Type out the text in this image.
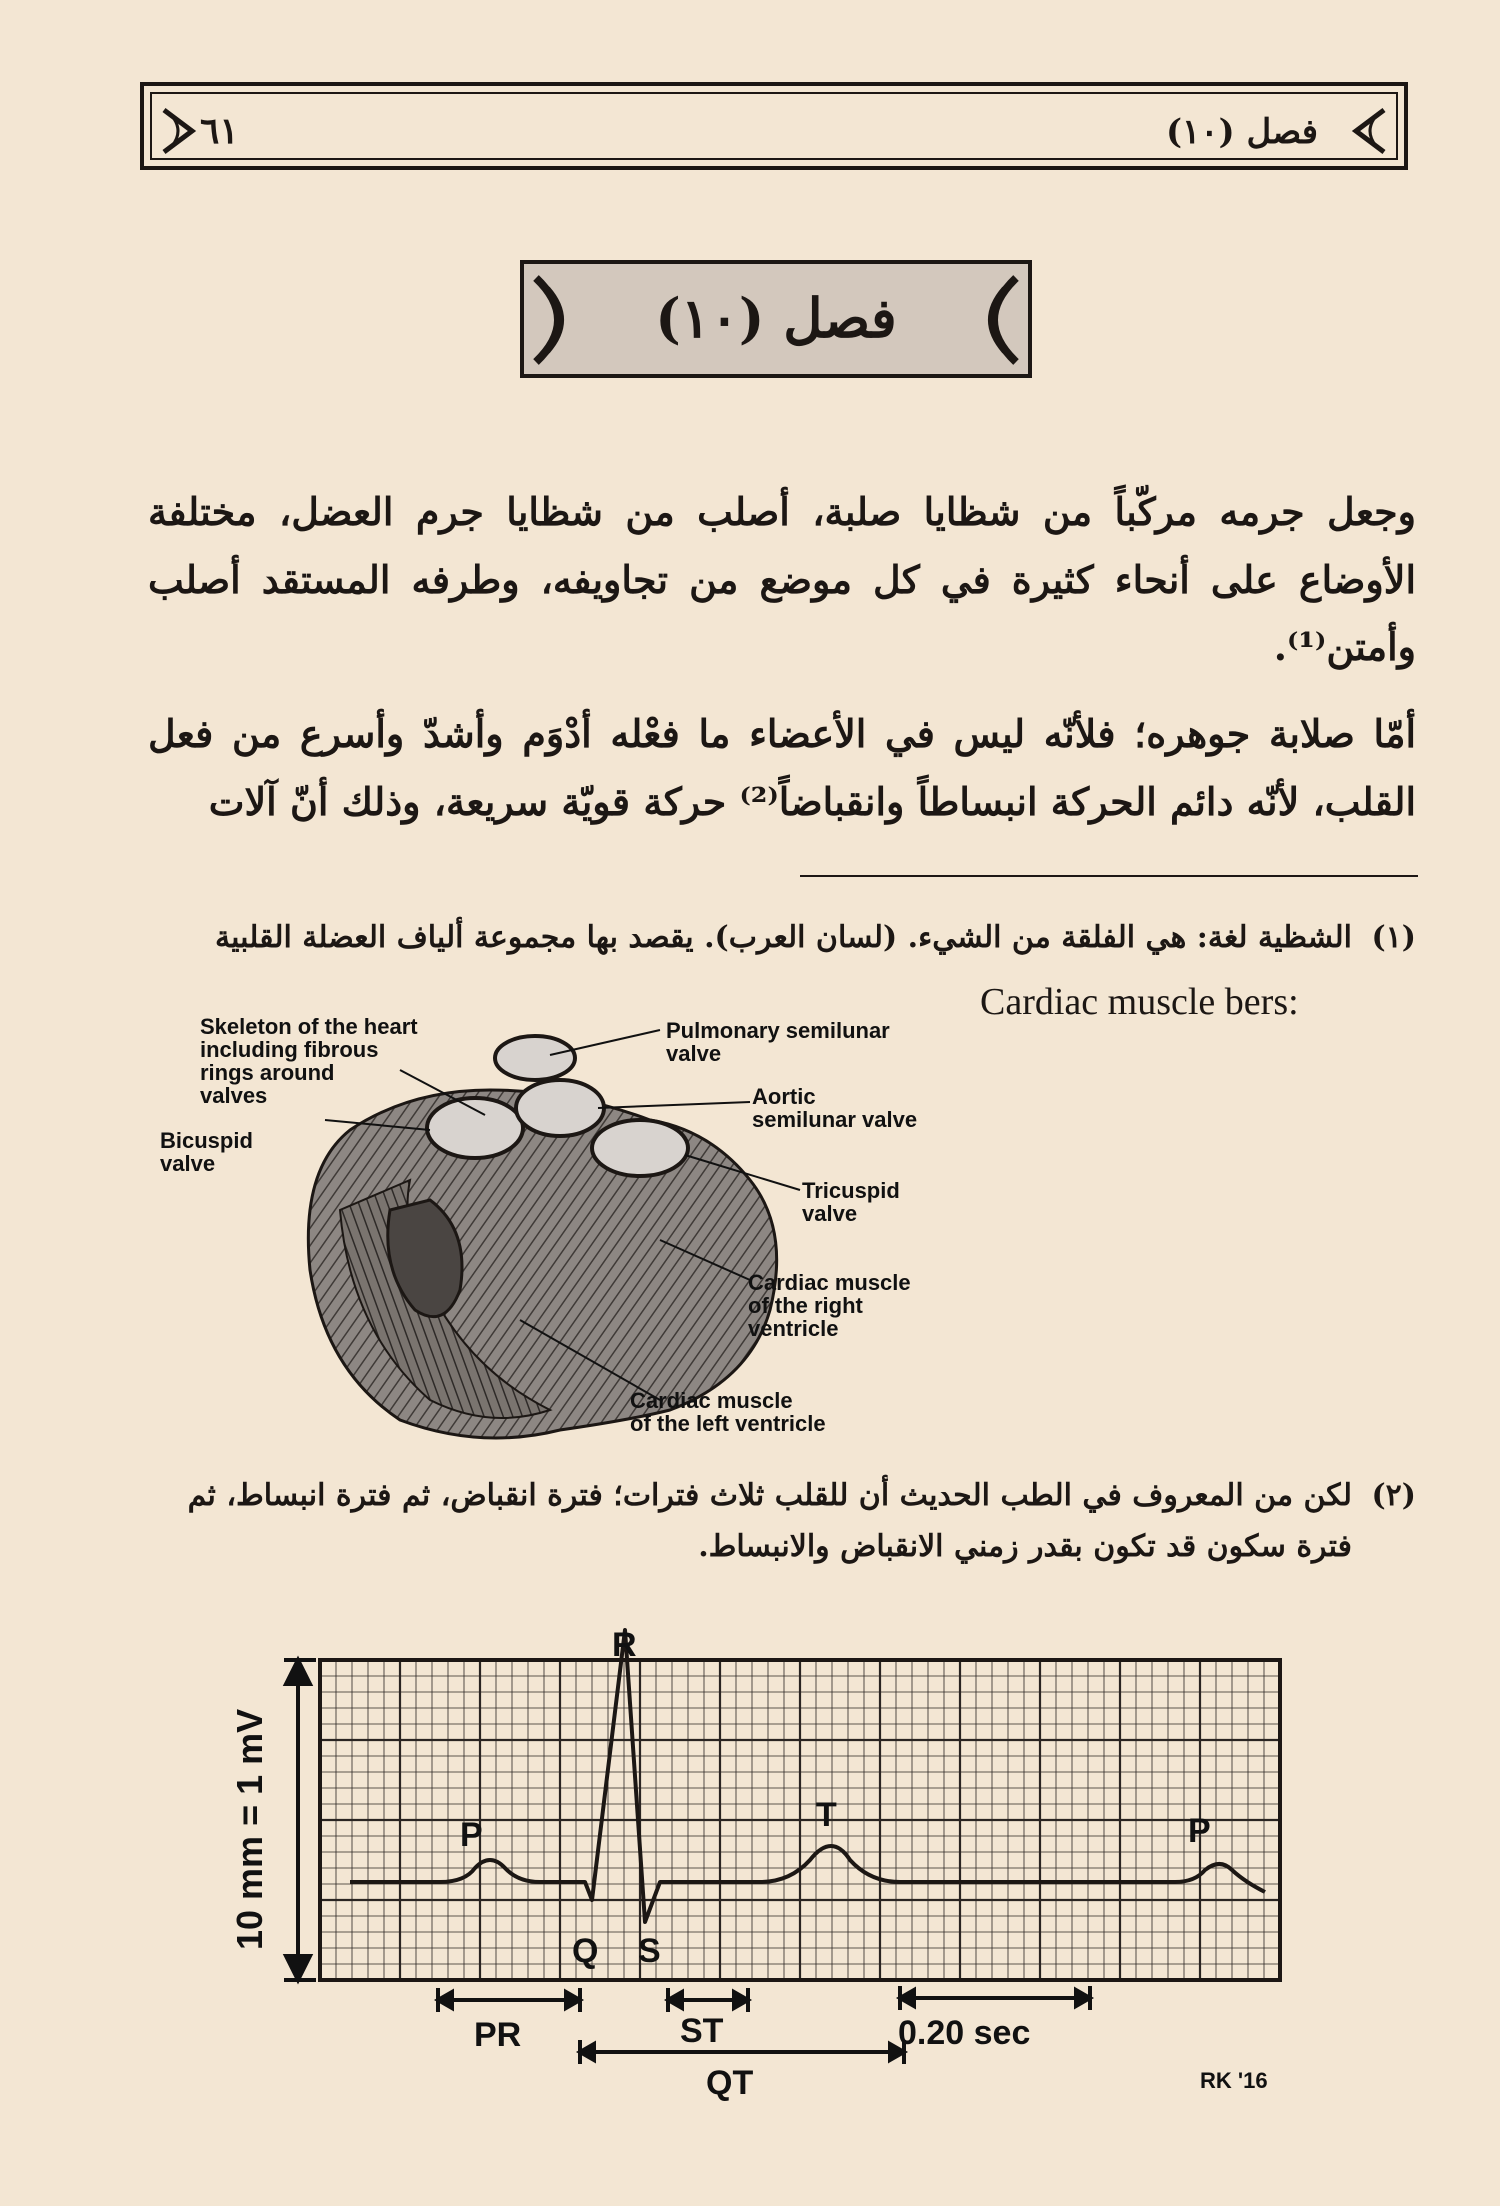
فصل (١٠)
٦١
فصل (١٠)
وجعل جرمه مركّباً من شظايا صلبة، أصلب من شظايا جرم العضل، مختلفة الأوضاع على أنحاء كثيرة في كل موضع من تجاويفه، وطرفه المستقد أصلب وأمتن⁽¹⁾.
أمّا صلابة جوهره؛ فلأنّه ليس في الأعضاء ما فعْله أدْوَم وأشدّ وأسرع من فعل القلب، لأنّه دائم الحركة انبساطاً وانقباضاً⁽²⁾ حركة قويّة سريعة، وذلك أنّ آلات
(١)
الشظية لغة: هي الفلقة من الشيء. (لسان العرب). يقصد بها مجموعة ألياف العضلة القلبية
Cardiac muscle bers:
Skeleton of the heart including fibrous rings around valves
Pulmonary semilunar valve
Aortic semilunar valve
Bicuspid valve
Tricuspid valve
Cardiac muscle of the right ventricle
Cardiac muscle of the left ventricle
(٢)
لكن من المعروف في الطب الحديث أن للقلب ثلاث فترات؛ فترة انقباض، ثم فترة انبساط، ثم فترة سكون قد تكون بقدر زمني الانقباض والانبساط.
10 mm = 1 mV	P
Q
R
S
T	P
PR	ST	0.20 sec
QT	RK '16
